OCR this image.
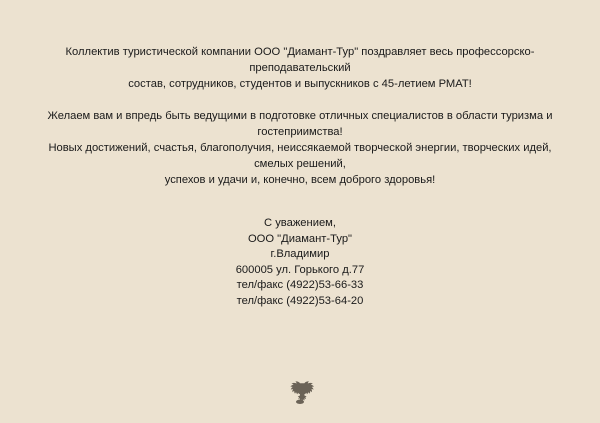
Коллектив туристической компании ООО "Диамант-Тур" поздравляет весь профессорско-преподавательский
состав, сотрудников, студентов и выпускников с 45-летием РМАТ!

Желаем вам и впредь быть ведущими в подготовке отличных специалистов в области туризма и гостеприимства!
Новых достижений, счастья, благополучия, неиссякаемой творческой энергии, творческих идей, смелых решений,
успехов и удачи и, конечно, всем доброго здоровья!

С уважением,
ООО "Диамант-Тур"
г.Владимир
600005 ул. Горького д.77
тел/факс (4922)53-66-33
тел/факс (4922)53-64-20
